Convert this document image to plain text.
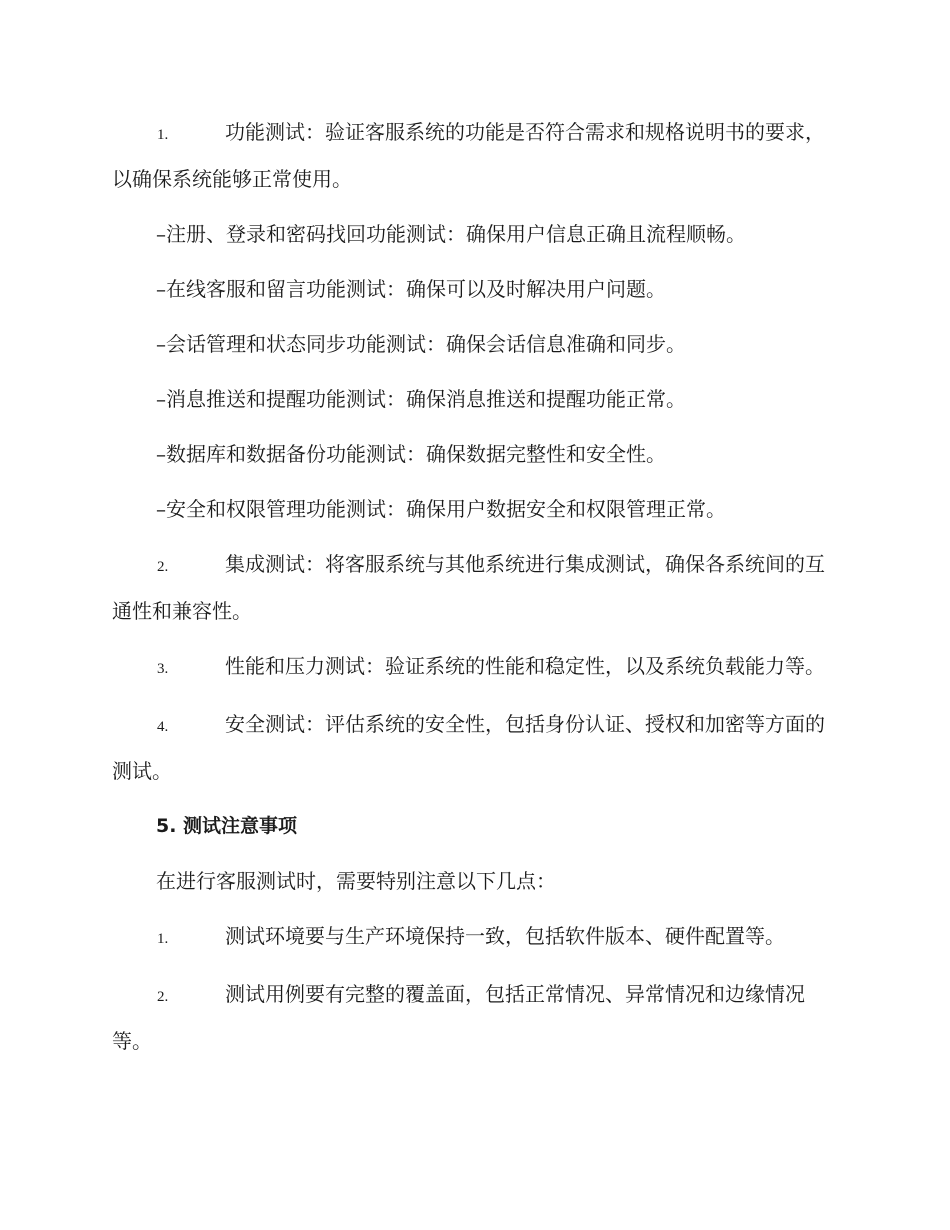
1.	功能测试：验证客服系统的功能是否符合需求和规格说明书的要求，以确保系统能够正常使用。

–注册、登录和密码找回功能测试：确保用户信息正确且流程顺畅。

–在线客服和留言功能测试：确保可以及时解决用户问题。

–会话管理和状态同步功能测试：确保会话信息准确和同步。

–消息推送和提醒功能测试：确保消息推送和提醒功能正常。

–数据库和数据备份功能测试：确保数据完整性和安全性。

–安全和权限管理功能测试：确保用户数据安全和权限管理正常。

2.	集成测试：将客服系统与其他系统进行集成测试，确保各系统间的互通性和兼容性。

3.	性能和压力测试：验证系统的性能和稳定性，以及系统负载能力等。

4.	安全测试：评估系统的安全性，包括身份认证、授权和加密等方面的测试。

5. 测试注意事项

在进行客服测试时，需要特别注意以下几点：

1.	测试环境要与生产环境保持一致，包括软件版本、硬件配置等。

2.	测试用例要有完整的覆盖面，包括正常情况、异常情况和边缘情况等。
